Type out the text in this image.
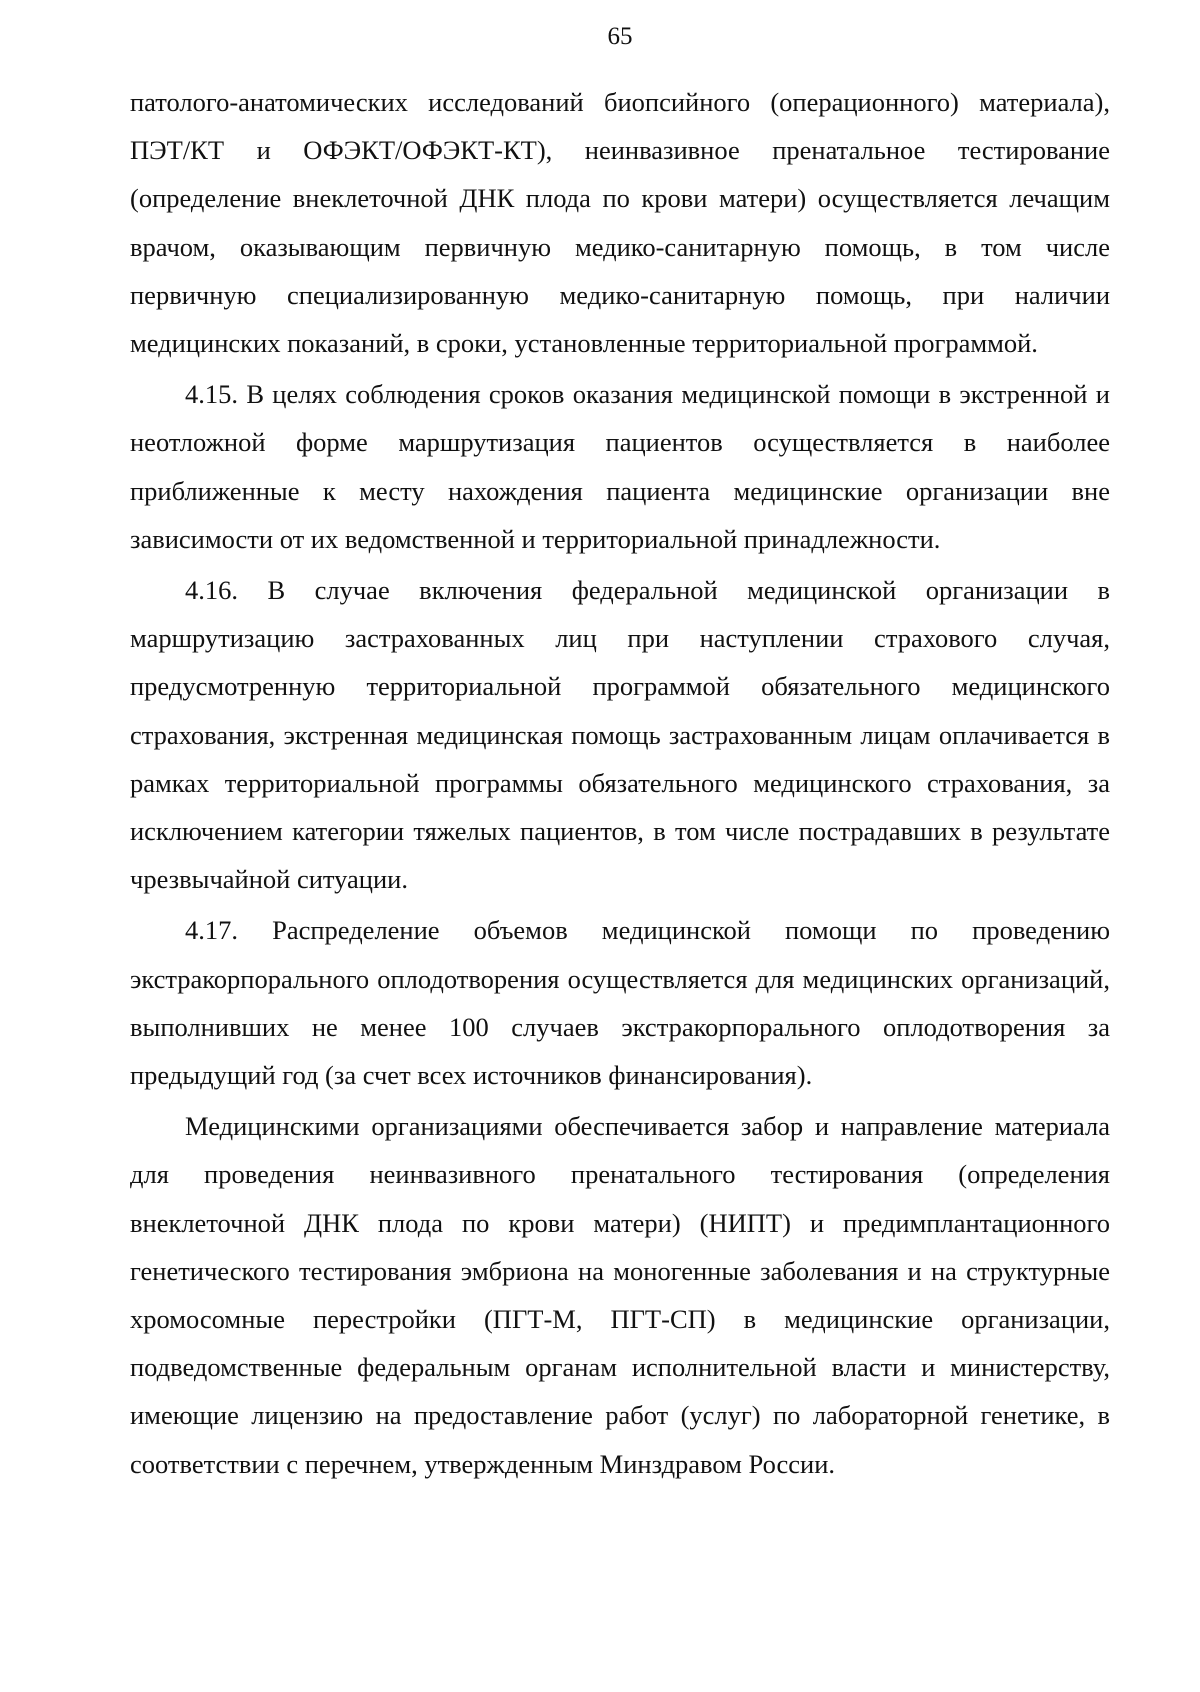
65

патолого-анатомических исследований биопсийного (операционного) материала), ПЭТ/КТ и ОФЭКТ/ОФЭКТ-КТ), неинвазивное пренатальное тестирование (определение внеклеточной ДНК плода по крови матери) осуществляется лечащим врачом, оказывающим первичную медико-санитарную помощь, в том числе первичную специализированную медико-санитарную помощь, при наличии медицинских показаний, в сроки, установленные территориальной программой.

4.15. В целях соблюдения сроков оказания медицинской помощи в экстренной и неотложной форме маршрутизация пациентов осуществляется в наиболее приближенные к месту нахождения пациента медицинские организации вне зависимости от их ведомственной и территориальной принадлежности.

4.16. В случае включения федеральной медицинской организации в маршрутизацию застрахованных лиц при наступлении страхового случая, предусмотренную территориальной программой обязательного медицинского страхования, экстренная медицинская помощь застрахованным лицам оплачивается в рамках территориальной программы обязательного медицинского страхования, за исключением категории тяжелых пациентов, в том числе пострадавших в результате чрезвычайной ситуации.

4.17. Распределение объемов медицинской помощи по проведению экстракорпорального оплодотворения осуществляется для медицинских организаций, выполнивших не менее 100 случаев экстракорпорального оплодотворения за предыдущий год (за счет всех источников финансирования).

Медицинскими организациями обеспечивается забор и направление материала для проведения неинвазивного пренатального тестирования (определения внеклеточной ДНК плода по крови матери) (НИПТ) и предимплантационного генетического тестирования эмбриона на моногенные заболевания и на структурные хромосомные перестройки (ПГТ-М, ПГТ-СП) в медицинские организации, подведомственные федеральным органам исполнительной власти и министерству, имеющие лицензию на предоставление работ (услуг) по лабораторной генетике, в соответствии с перечнем, утвержденным Минздравом России.
